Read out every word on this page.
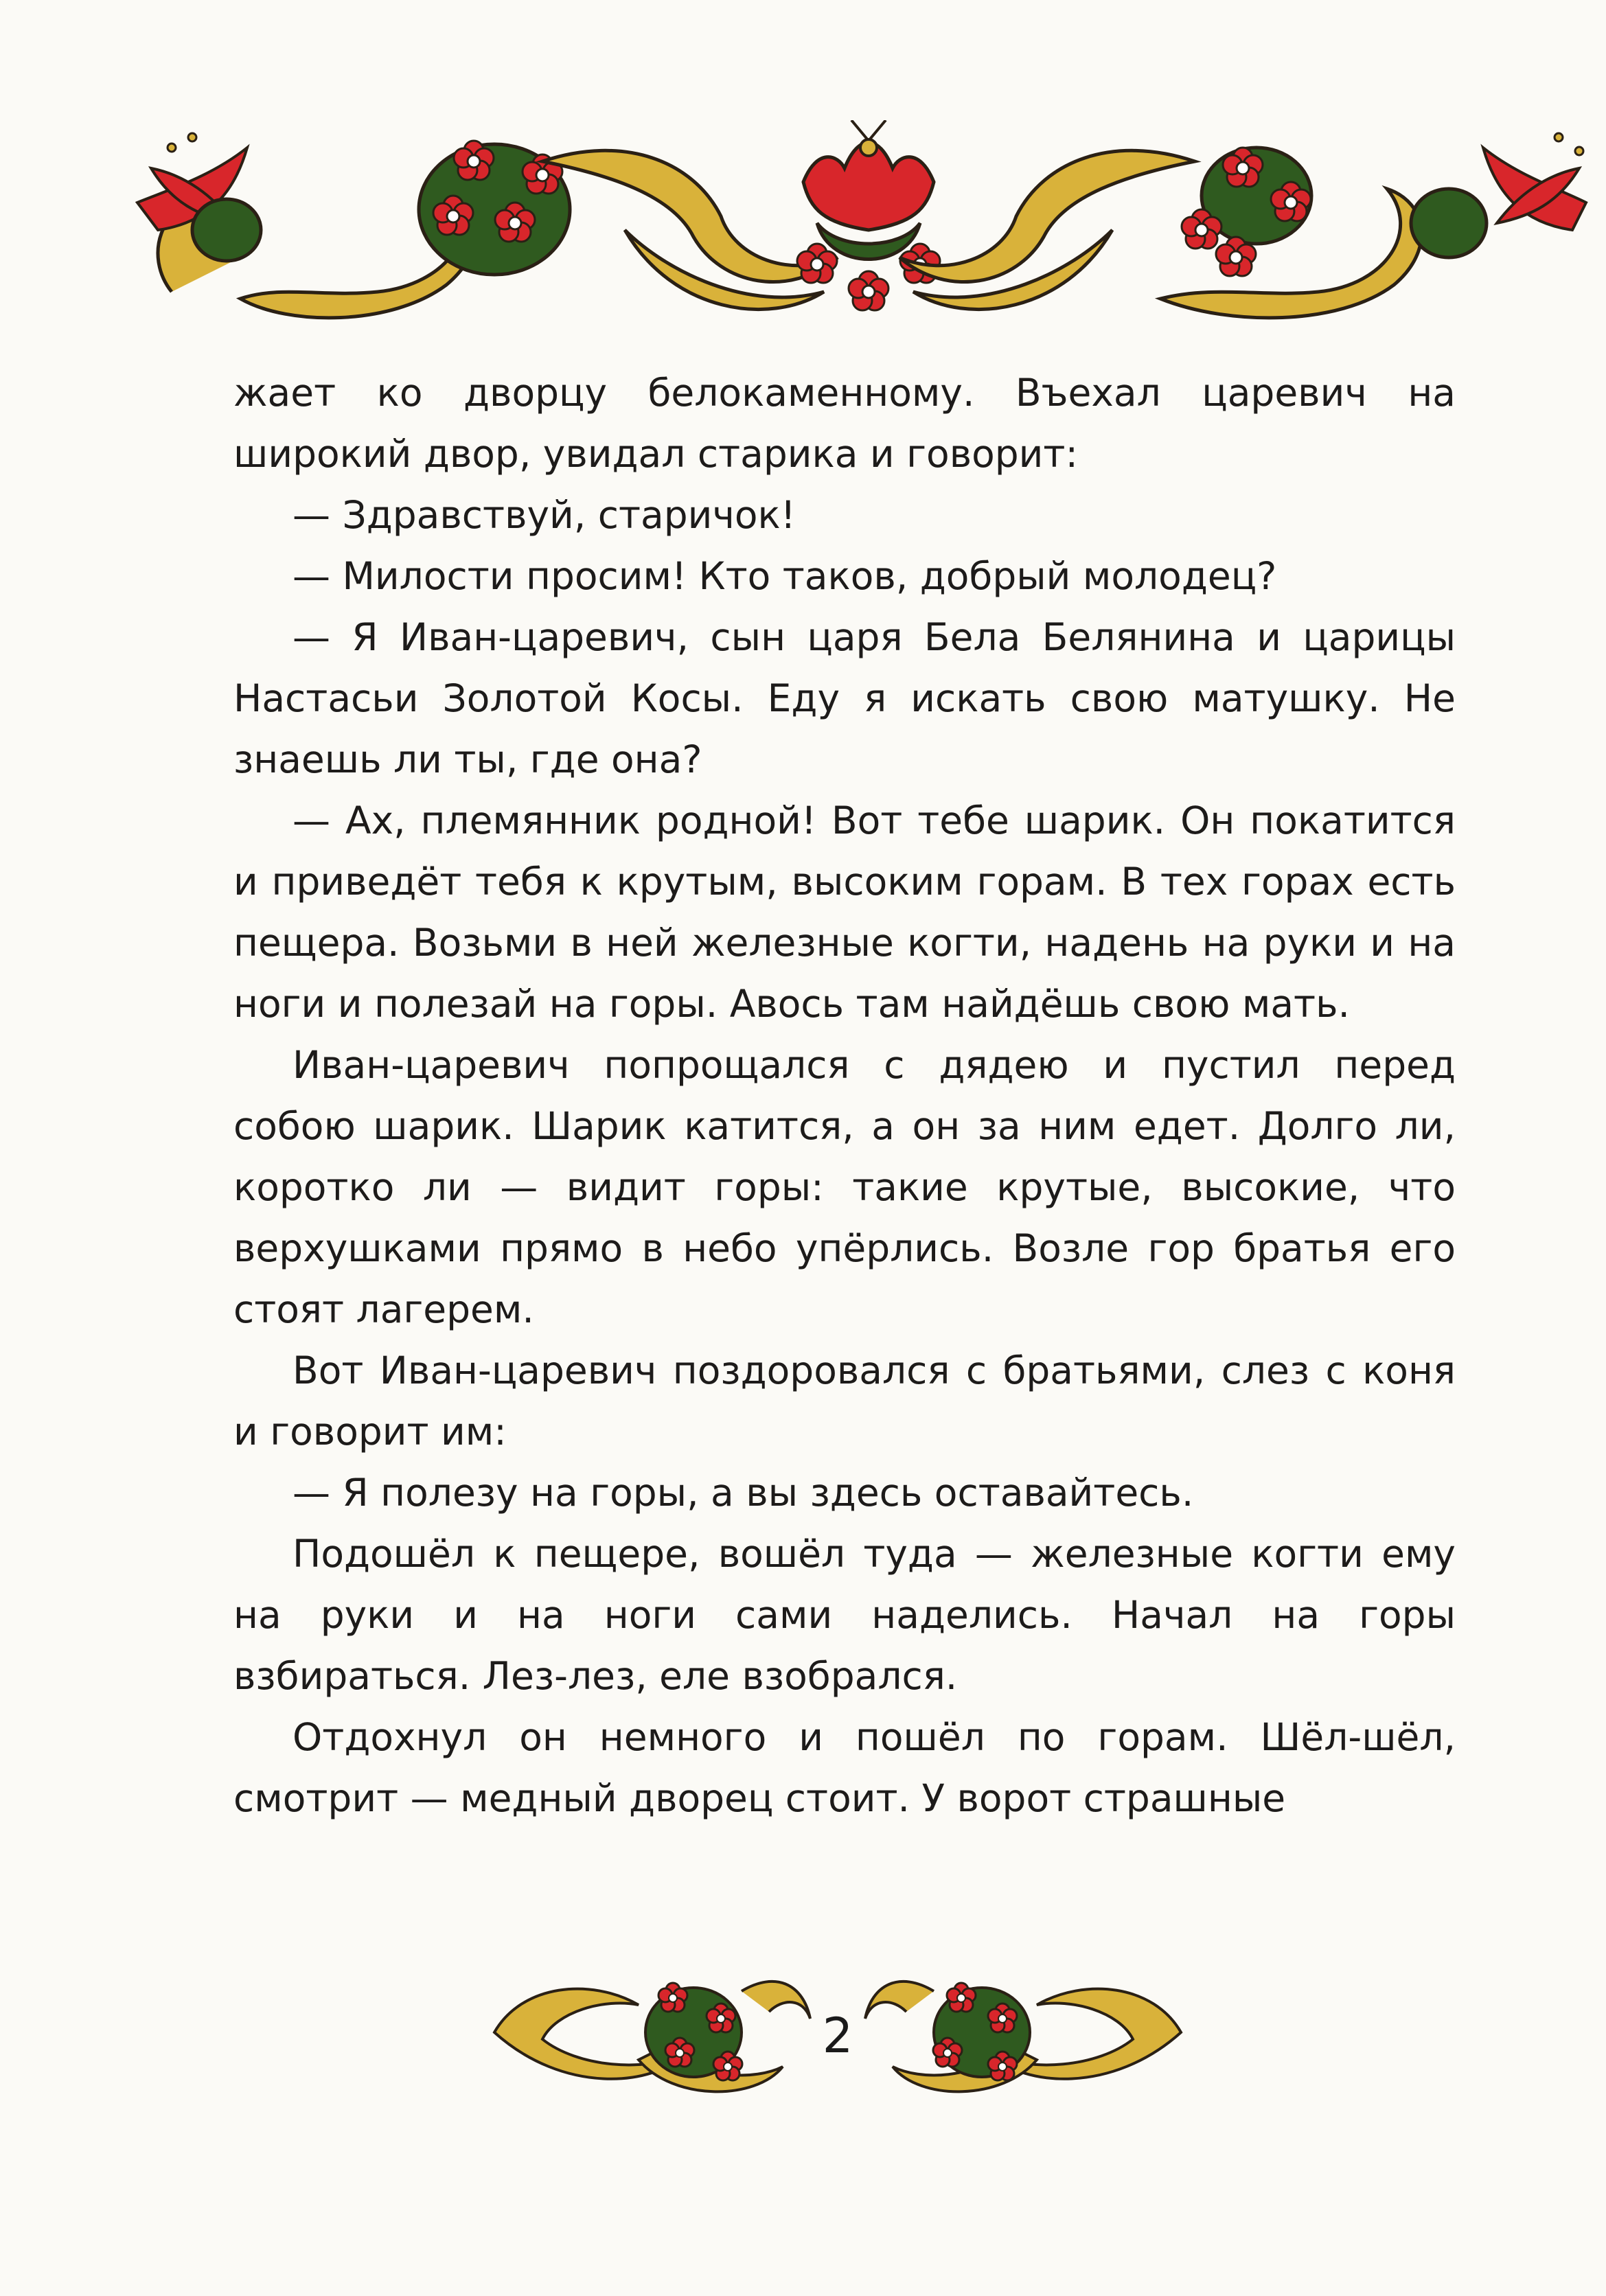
жает ко дворцу белокаменному. Въехал царевич на широкий двор, увидал старика и говорит:

— Здравствуй, старичок!

— Милости просим! Кто таков, добрый молодец?

— Я Иван-царевич, сын царя Бела Белянина и царицы Настасьи Золотой Косы. Еду я искать свою матушку. Не знаешь ли ты, где она?

— Ах, племянник родной! Вот тебе шарик. Он покатится и приведёт тебя к крутым, высоким горам. В тех горах есть пещера. Возьми в ней железные когти, надень на руки и на ноги и полезай на горы. Авось там найдёшь свою мать.

Иван-царевич попрощался с дядею и пустил перед собою шарик. Шарик катится, а он за ним едет. Долго ли, коротко ли — видит горы: такие крутые, высокие, что верхушками прямо в небо упёрлись. Возле гор братья его стоят лагерем.

Вот Иван-царевич поздоровался с братьями, слез с коня и говорит им:

— Я полезу на горы, а вы здесь оставайтесь.

Подошёл к пещере, вошёл туда — железные когти ему на руки и на ноги сами наделись. Начал на горы взбираться. Лез-лез, еле взобрался.

Отдохнул он немного и пошёл по горам. Шёл-шёл, смотрит — медный дворец стоит. У ворот страшные

2
